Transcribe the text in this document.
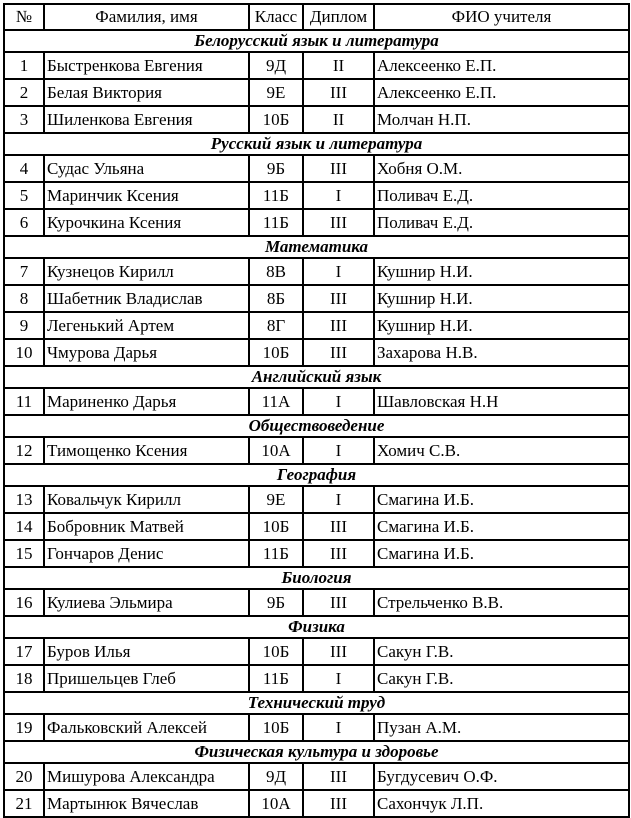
№	Фамилия, имя	Класс	Диплом	ФИО учителя
Белорусский язык и литература				
1	Быстренкова Евгения	9Д	II	Алексеенко Е.П.
2	Белая Виктория	9Е	III	Алексеенко Е.П.
3	Шиленкова Евгения	10Б	II	Молчан Н.П.
Русский язык и литература				
4	Судас Ульяна	9Б	III	Хобня О.М.
5	Маринчик Ксения	11Б	I	Поливач Е.Д.
6	Курочкина Ксения	11Б	III	Поливач Е.Д.
Математика				
7	Кузнецов Кирилл	8В	I	Кушнир Н.И.
8	Шабетник Владислав	8Б	III	Кушнир Н.И.
9	Легенький Артем	8Г	III	Кушнир Н.И.
10	Чмурова Дарья	10Б	III	Захарова Н.В.
Английский язык				
11	Мариненко Дарья	11А	I	Шавловская Н.Н
Обществоведение				
12	Тимощенко Ксения	10А	I	Хомич С.В.
География				
13	Ковальчук Кирилл	9Е	I	Смагина И.Б.
14	Бобровник Матвей	10Б	III	Смагина И.Б.
15	Гончаров Денис	11Б	III	Смагина И.Б.
Биология				
16	Кулиева Эльмира	9Б	III	Стрельченко В.В.
Физика				
17	Буров Илья	10Б	III	Сакун Г.В.
18	Пришельцев Глеб	11Б	I	Сакун Г.В.
Технический труд				
19	Фальковский Алексей	10Б	I	Пузан А.М.
Физическая культура и здоровье				
20	Мишурова Александра	9Д	III	Бугдусевич О.Ф.
21	Мартынюк Вячеслав	10А	III	Сахончук Л.П.
